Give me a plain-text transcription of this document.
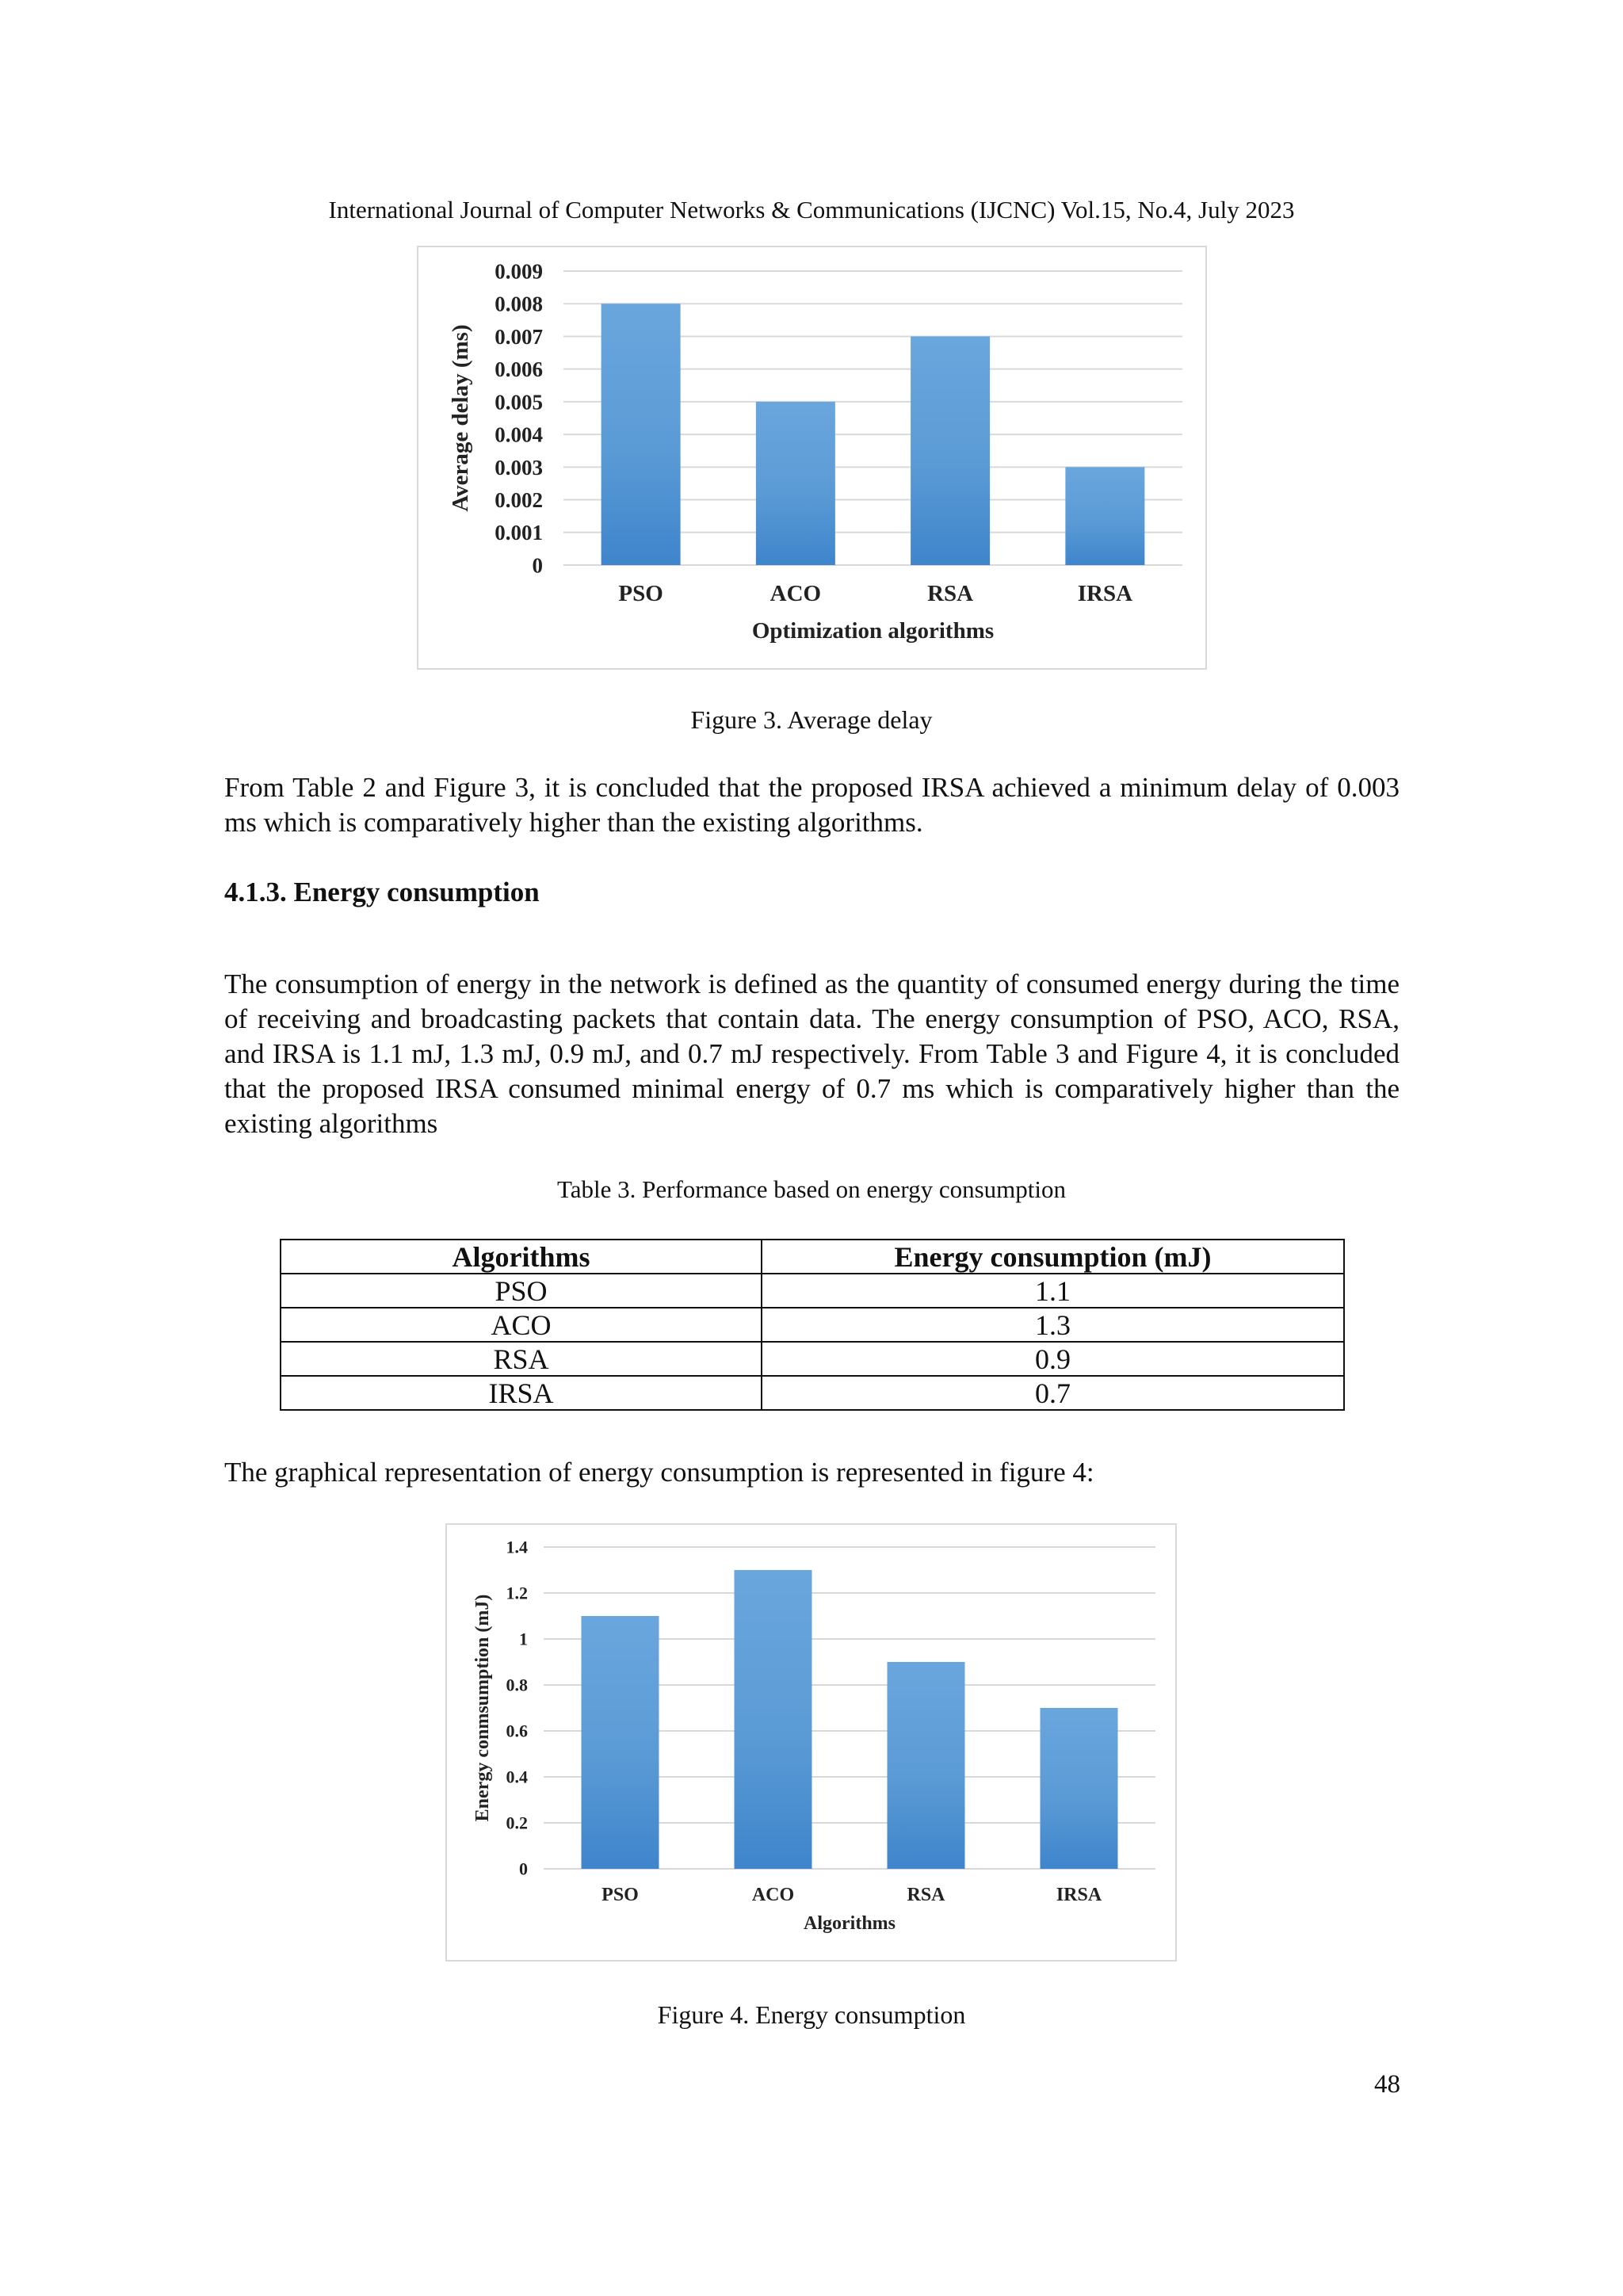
International Journal of Computer Networks & Communications (IJCNC) Vol.15, No.4, July 2023
0
0.001
0.002
0.003
0.004
0.005
0.006
0.007
0.008
0.009
PSO	ACO	RSA	IRSA
Optimization algorithms
Average delay (ms)
Figure 3. Average delay
From Table 2 and Figure 3, it is concluded that the proposed IRSA achieved a minimum delay of 0.003 ms which is comparatively higher than the existing algorithms.
4.1.3. Energy consumption
The consumption of energy in the network is defined as the quantity of consumed energy during the time of receiving and broadcasting packets that contain data. The energy consumption of PSO, ACO, RSA, and IRSA is 1.1 mJ, 1.3 mJ, 0.9 mJ, and 0.7 mJ respectively. From Table 3 and Figure 4, it is concluded that the proposed IRSA consumed minimal energy of 0.7 ms which is comparatively higher than the existing algorithms
Table 3. Performance based on energy consumption
Algorithms	Energy consumption (mJ)
PSO	1.1
ACO	1.3
RSA	0.9
IRSA	0.7
The graphical representation of energy consumption is represented in figure 4:
0
0.2
0.4
0.6
0.8
1
1.2
1.4
PSO	ACO	RSA	IRSA
Algorithms
Energy conmsumption (mJ)
Figure 4. Energy consumption
48
